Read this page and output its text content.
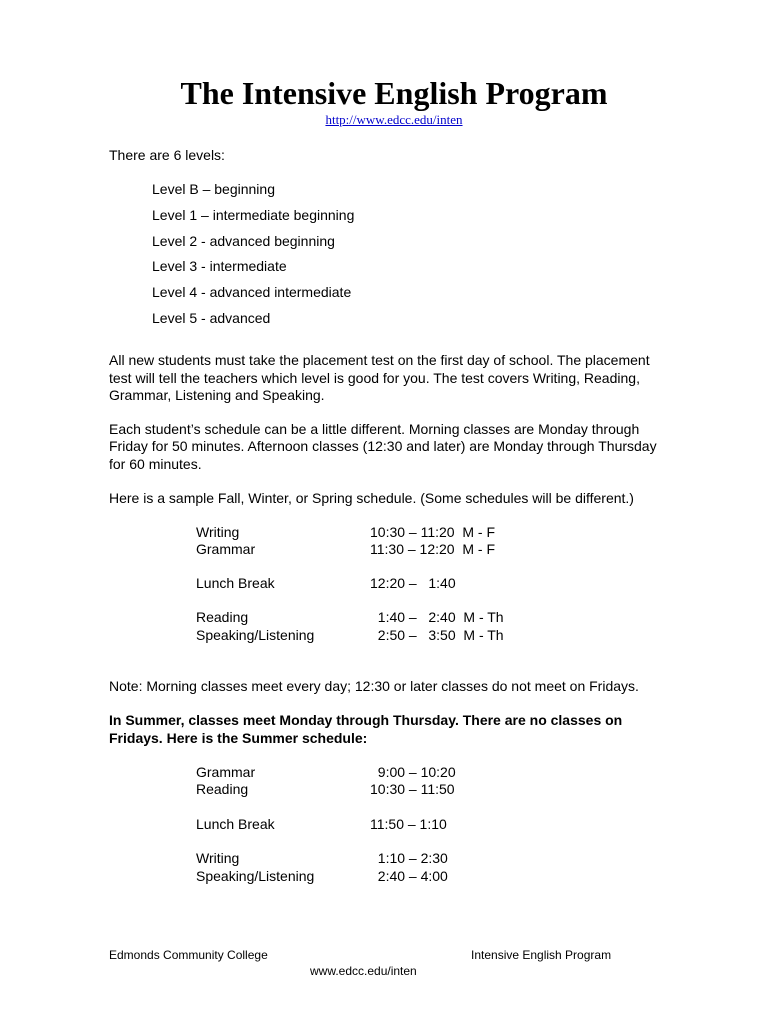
The Intensive English Program
http://www.edcc.edu/inten
There are 6 levels:
Level B – beginning
Level 1 – intermediate beginning
Level 2 - advanced beginning
Level 3 - intermediate
Level 4 - advanced intermediate
Level 5 - advanced
All new students must take the placement test on the first day of school. The placement
test will tell the teachers which level is good for you. The test covers Writing, Reading,
Grammar, Listening and Speaking.
Each student’s schedule can be a little different. Morning classes are Monday through
Friday for 50 minutes. Afternoon classes (12:30 and later) are Monday through Thursday
for 60 minutes.
Here is a sample Fall, Winter, or Spring schedule. (Some schedules will be different.)
Writing	10:30 – 11:20  M - F
Grammar	11:30 – 12:20  M - F
Lunch Break	12:20 –   1:40
Reading	1:40 –   2:40  M - Th
Speaking/Listening	2:50 –   3:50  M - Th
Note: Morning classes meet every day; 12:30 or later classes do not meet on Fridays.
In Summer, classes meet Monday through Thursday. There are no classes on
Fridays. Here is the Summer schedule:
Grammar	9:00 – 10:20
Reading	10:30 – 11:50
Lunch Break	11:50 – 1:10
Writing	1:10 – 2:30
Speaking/Listening	2:40 – 4:00
Edmonds Community College	Intensive English Program
www.edcc.edu/inten
